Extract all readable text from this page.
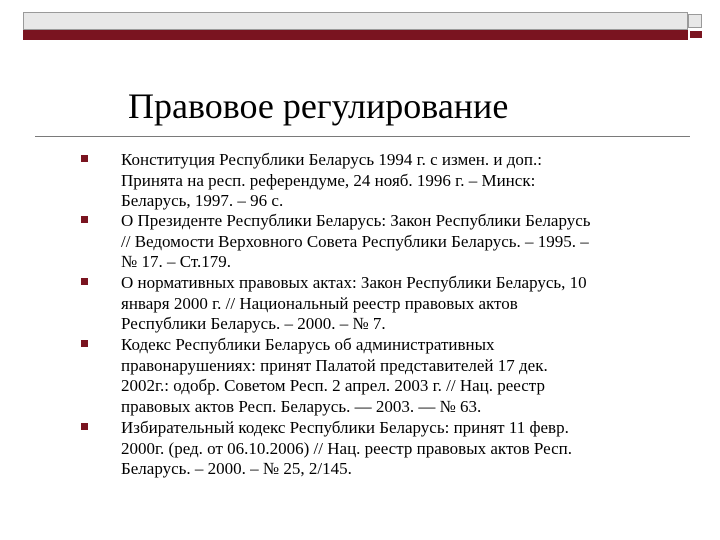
Правовое регулирование
Конституция Республики Беларусь 1994 г. с измен. и доп.:
Принята на респ. референдуме, 24 нояб. 1996 г. – Минск:
Беларусь, 1997. – 96 с.
О Президенте Республики Беларусь: Закон Республики Беларусь
// Ведомости Верховного Совета Республики Беларусь. – 1995. –
№ 17. – Ст.179.
О нормативных правовых актах: Закон Республики Беларусь, 10
января 2000 г. // Национальный реестр правовых актов
Республики Беларусь. – 2000. – № 7.
Кодекс Республики Беларусь об административных
правонарушениях: принят Палатой представителей 17 дек.
2002г.: одобр. Советом Респ. 2 апрел. 2003 г. // Нац. реестр
правовых актов Респ. Беларусь. — 2003. — № 63.
Избирательный кодекс Республики Беларусь: принят 11 февр.
2000г. (ред. от 06.10.2006) // Нац. реестр правовых актов Респ.
Беларусь. – 2000. – № 25, 2/145.
